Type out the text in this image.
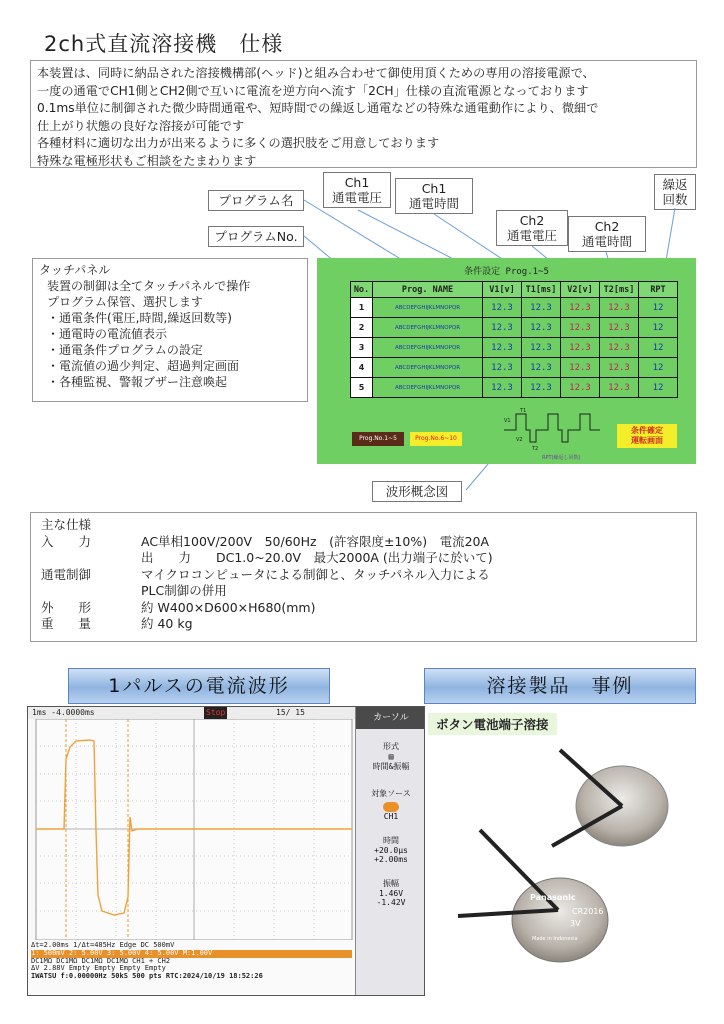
2ch式直流溶接機　仕様
本装置は、同時に納品された溶接機構部(ヘッド)と組み合わせて御使用頂くための専用の溶接電源で、
一度の通電でCH1側とCH2側で互いに電流を逆方向へ流す「2CH」仕様の直流電源となっております
0.1ms単位に制御された微少時間通電や、短時間での繰返し通電などの特殊な通電動作により、微細で
仕上がり状態の良好な溶接が可能です
各種材料に適切な出力が出来るように多くの選択肢をご用意しております
特殊な電極形状もご相談をたまわります
プログラム名
プログラムNo.
Ch1
通電電圧
Ch1
通電時間
Ch2
通電電圧
Ch2
通電時間
繰返
回数
タッチパネル
装置の制御は全てタッチパネルで操作
プログラム保管、選択します
・通電条件(電圧,時間,繰返回数等)
・通電時の電流値表示
・通電条件プログラムの設定
・電流値の過少判定、超過判定画面
・各種監視、警報ブザー注意喚起
条件設定 Prog.1~5
No.	Prog. NAME	V1[v]	T1[ms]	V2[v]	T2[ms]	RPT
1	ABCDEFGHIJKLMNOPQR	12.3	12.3	12.3	12.3	12
2	ABCDEFGHIJKLMNOPQR	12.3	12.3	12.3	12.3	12
3	ABCDEFGHIJKLMNOPQR	12.3	12.3	12.3	12.3	12
4	ABCDEFGHIJKLMNOPQR	12.3	12.3	12.3	12.3	12
5	ABCDEFGHIJKLMNOPQR	12.3	12.3	12.3	12.3	12
Prog.No.1~5	Prog.No.6~10
V1
T1
V2
T2
RPT(繰返し回数)
条件確定
運転画面
波形概念図
主な仕様
入　　力	AC単相100V/200V　50/60Hz　(許容限度±10%)　電流20A
出　　力　　DC1.0~20.0V　最大2000A (出力端子に於いて)
通電制御	マイクロコンピュータによる制御と、タッチパネル入力による
PLC制御の併用
外　　形	約 W400×D600×H680(mm)
重　　量	約 40 kg
1パルスの電流波形	溶接製品　事例
1ms -4.0000ms	Stop	15/ 15
カーソル
形式
▤
時間&振幅
対象ソース
CH1
時間
+20.0μs
+2.00ms
振幅
1.46V
-1.42V
Δt=2.00ms 1/Δt=485Hz Edge DC 500mV
1: 500mV 2: 5.00V 3: 5.00V 4: 5.00V M:1.00V
DC1MΩ DC1MΩ DC1MΩ DC1MΩ CH1 + CH2
ΔV 2.88V Empty Empty Empty Empty
IWATSU f:0.00000Hz 50kS 500 pts RTC:2024/10/19 18:52:26
ボタン電池端子溶接
Panasonic
CR2016
3V
Made in Indonesia
